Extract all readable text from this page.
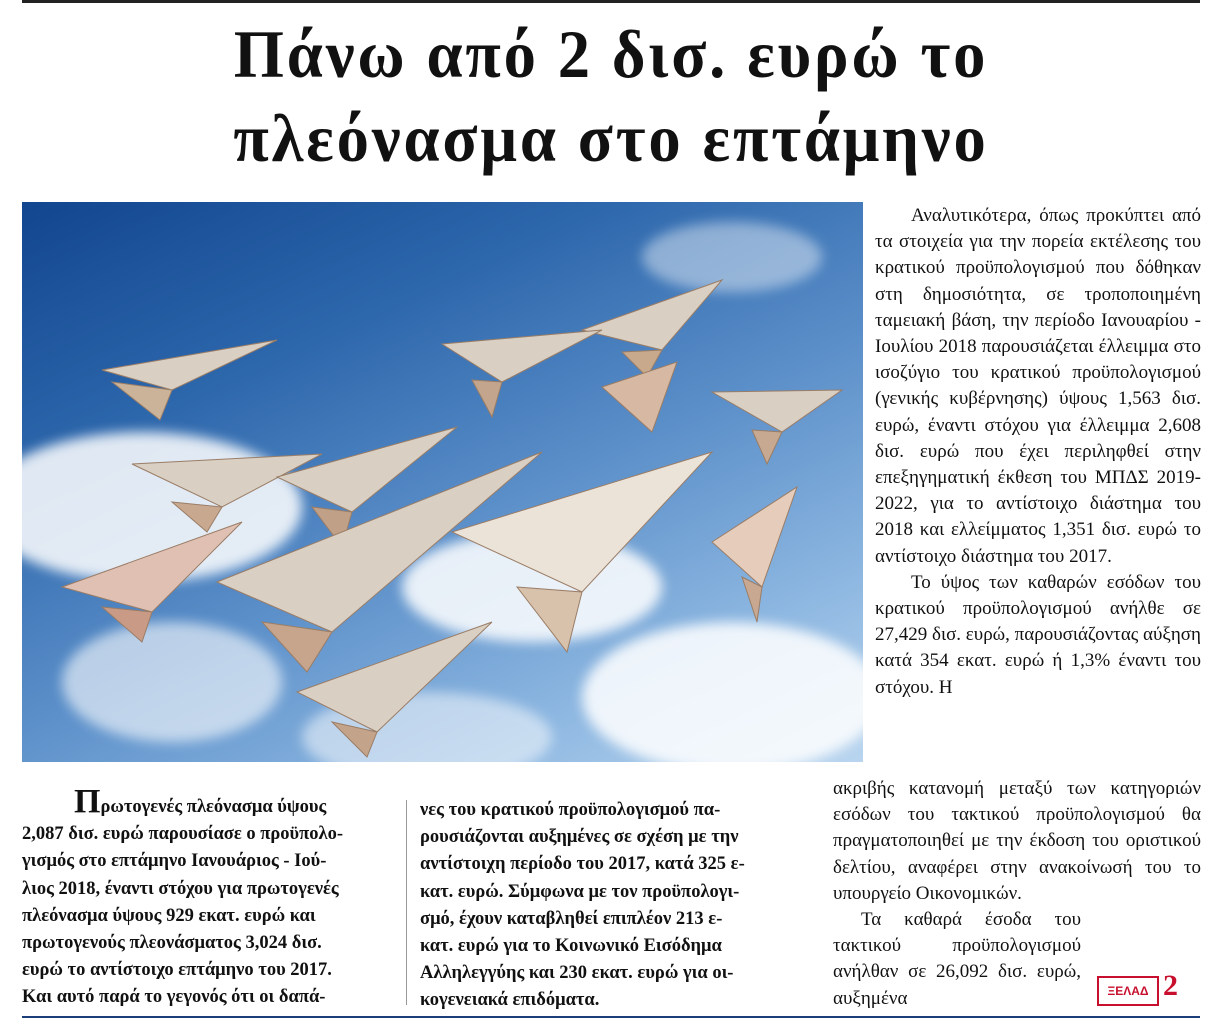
Πάνω από 2 δισ. ευρώ το
πλεόνασμα στο επτάμηνο

Αναλυτικότερα, όπως προκύπτει από τα στοιχεία για την πορεία εκτέλεσης του κρατικού προϋπολογισμού που δόθηκαν στη δημοσιότητα, σε τροποποιημένη ταμειακή βάση, την περίοδο Ιανουαρίου - Ιουλίου 2018 παρουσιάζεται έλλειμμα στο ισοζύγιο του κρατικού προϋπολογισμού (γενικής κυβέρνησης) ύψους 1,563 δισ. ευρώ, έναντι στόχου για έλλειμμα 2,608 δισ. ευρώ που έχει περιληφθεί στην επεξηγηματική έκθεση του ΜΠΔΣ 2019-2022, για το αντίστοιχο διάστημα του 2018 και ελλείμματος 1,351 δισ. ευρώ το αντίστοιχο διάστημα του 2017.

Το ύψος των καθαρών εσόδων του κρατικού προϋπολογισμού ανήλθε σε 27,429 δισ. ευρώ, παρουσιάζοντας αύξηση κατά 354 εκατ. ευρώ ή 1,3% έναντι του στόχου. Η

ακριβής κατανομή μεταξύ των κατηγοριών εσόδων του τακτικού προϋπολογισμού θα πραγματοποιηθεί με την έκδοση του οριστικού δελτίου, αναφέρει στην ανακοίνωσή του το υπουργείο Οικονομικών.

Τα καθαρά έσοδα του τακτικού προϋπολογισμού ανήλθαν σε 26,092 δισ. ευρώ, αυξημένα

Πρωτογενές πλεόνασμα ύψους

2,087 δισ. ευρώ παρουσίασε ο προϋπολο-

γισμός στο επτάμηνο Ιανουάριος - Ιού-

λιος 2018, έναντι στόχου για πρωτογενές

πλεόνασμα ύψους 929 εκατ. ευρώ και

πρωτογενούς πλεονάσματος 3,024 δισ.

ευρώ το αντίστοιχο επτάμηνο του 2017.

Και αυτό παρά το γεγονός ότι οι δαπά-

νες του κρατικού προϋπολογισμού πα-

ρουσιάζονται αυξημένες σε σχέση με την

αντίστοιχη περίοδο του 2017, κατά 325 ε-

κατ. ευρώ. Σύμφωνα με τον προϋπολογι-

σμό, έχουν καταβληθεί επιπλέον 213 ε-

κατ. ευρώ για το Κοινωνικό Εισόδημα

Αλληλεγγύης και 230 εκατ. ευρώ για οι-

κογενειακά επιδόματα.	ΞΕΛΑΔ 2
